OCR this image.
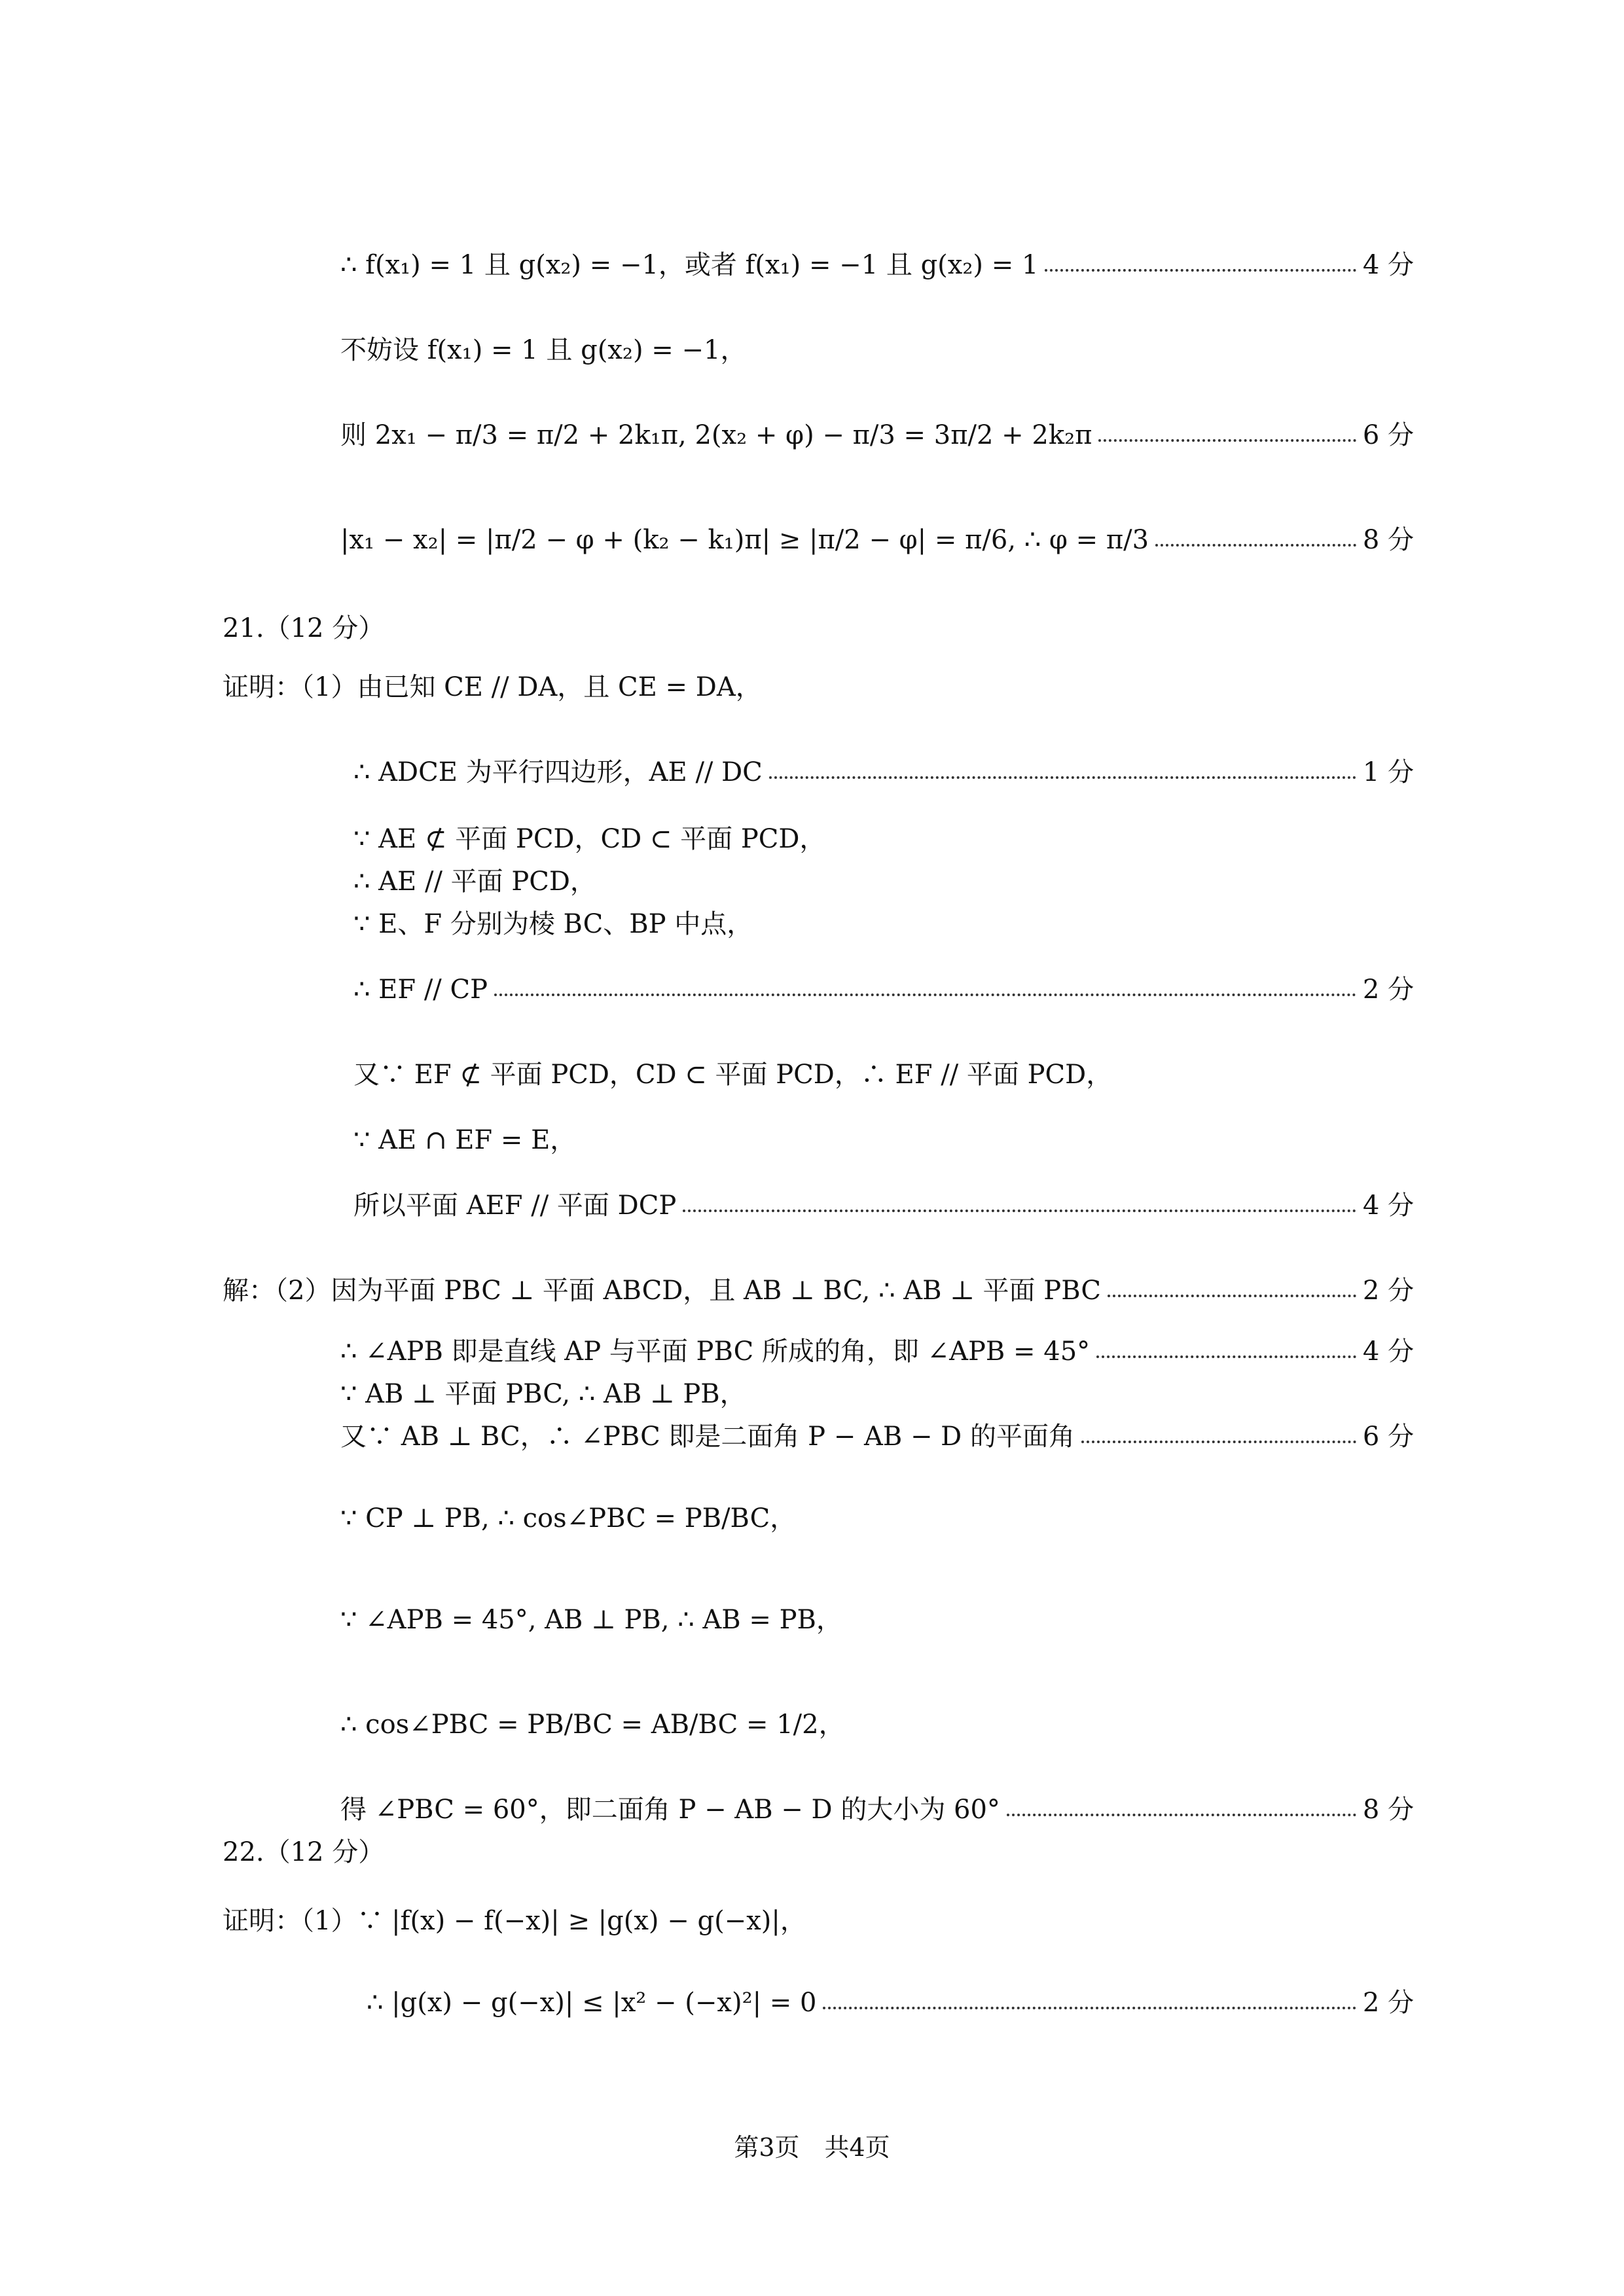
∴ f(x₁) = 1 且 g(x₂) = −1，或者 f(x₁) = −1 且 g(x₂) = 1	4 分
不妨设 f(x₁) = 1 且 g(x₂) = −1，
则 2x₁ − π/3 = π/2 + 2k₁π, 2(x₂ + φ) − π/3 = 3π/2 + 2k₂π	6 分
|x₁ − x₂| = |π/2 − φ + (k₂ − k₁)π| ≥ |π/2 − φ| = π/6, ∴ φ = π/3	8 分
21.（12 分）
证明：（1）由已知 CE // DA，且 CE = DA，
∴ ADCE 为平行四边形，AE // DC	1 分
∵ AE ⊄ 平面 PCD，CD ⊂ 平面 PCD，
∴ AE // 平面 PCD，
∵ E、F 分别为棱 BC、BP 中点，
∴ EF // CP	2 分
又∵ EF ⊄ 平面 PCD，CD ⊂ 平面 PCD，∴ EF // 平面 PCD，
∵ AE ∩ EF = E，
所以平面 AEF // 平面 DCP	4 分
解：（2）因为平面 PBC ⊥ 平面 ABCD，且 AB ⊥ BC, ∴ AB ⊥ 平面 PBC	2 分
∴ ∠APB 即是直线 AP 与平面 PBC 所成的角，即 ∠APB = 45°	4 分
∵ AB ⊥ 平面 PBC, ∴ AB ⊥ PB，
又∵ AB ⊥ BC，∴ ∠PBC 即是二面角 P − AB − D 的平面角	6 分
∵ CP ⊥ PB, ∴ cos∠PBC = PB/BC，
∵ ∠APB = 45°, AB ⊥ PB, ∴ AB = PB，
∴ cos∠PBC = PB/BC = AB/BC = 1/2，
得 ∠PBC = 60°，即二面角 P − AB − D 的大小为 60°	8 分
22.（12 分）
证明：（1）∵ |f(x) − f(−x)| ≥ |g(x) − g(−x)|，
∴ |g(x) − g(−x)| ≤ |x² − (−x)²| = 0	2 分
第3页　共4页
